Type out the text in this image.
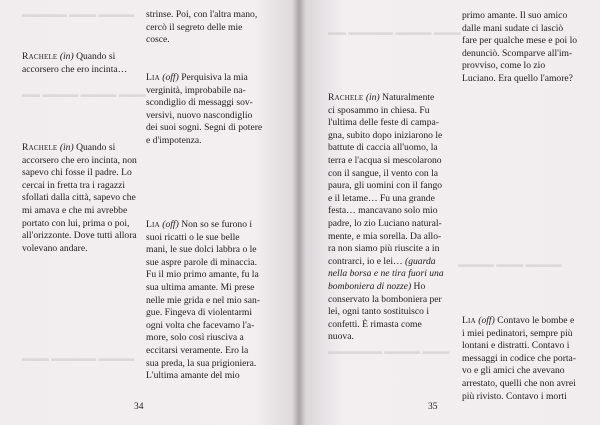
▬▬▬▬ ▬▬▬ ▬▬▬▬▬
▬▬▬ ▬▬▬▬ ▬▬▬▬ ▬▬
▬▬▬▬ ▬▬▬▬▬ ▬▬▬
Rachele (in) Quando si
accorsero che ero incinta…
Rachele (in) Quando si
accorsero che ero incinta, non
sapevo chi fosse il padre. Lo
cercai in fretta tra i ragazzi
sfollati dalla città, sapevo che
mi amava e che mi avrebbe
portato con lui, prima o poi,
all'orizzonte. Dove tutti allora
volevano andare.
strinse. Poi, con l'altra mano,
cercò il segreto delle mie
cosce.
Lia (off) Perquisiva la mia
verginità, improbabile na-
scondiglio di messaggi sov-
versivi, nuovo nascondiglio
dei suoi sogni. Segni di potere
e d'impotenza.
Lia (off) Non so se furono i
suoi ricatti o le sue belle
mani, le sue dolci labbra o le
sue aspre parole di minaccia.
Fu il mio primo amante, fu la
sua ultima amante. Mi prese
nelle mie grida e nel mio san-
gue. Fingeva di violentarmi
ogni volta che facevamo l'a-
more, solo così riusciva a
eccitarsi veramente. Ero la
sua preda, la sua prigioniera.
L'ultima amante del mio
34
▬▬▬ ▬▬▬▬ ▬▬▬▬▬ ▬▬
▬▬▬ ▬▬▬▬ ▬▬▬▬▬▬
▬▬▬▬ ▬▬▬ ▬▬▬▬
Rachele (in) Naturalmente
ci sposammo in chiesa. Fu
l'ultima delle feste di campa-
gna, subito dopo iniziarono le
battute di caccia all'uomo, la
terra e l'acqua si mescolarono
con il sangue, il vento con la
paura, gli uomini con il fango
e il letame… Fu una grande
festa… mancavano solo mio
padre, lo zio Luciano natural-
mente, e mia sorella. Da allo-
ra non siamo più riuscite a in
contrarci, io e lei… (guarda
nella borsa e ne tira fuori una
bomboniera di nozze) Ho
conservato la bomboniera per
lei, ogni tanto sostituisco i
confetti. È rimasta come
nuova.
primo amante. Il suo amico
dalle mani sudate ci lasciò
fare per qualche mese e poi lo
denunciò. Scomparve all'im-
provviso, come lo zio
Luciano. Era quello l'amore?
Lia (off) Contavo le bombe e
i miei pedinatori, sempre più
lontani e distratti. Contavo i
messaggi in codice che porta-
vo e gli amici che avevano
arrestato, quelli che non avrei
più rivisto. Contavo i morti
35
